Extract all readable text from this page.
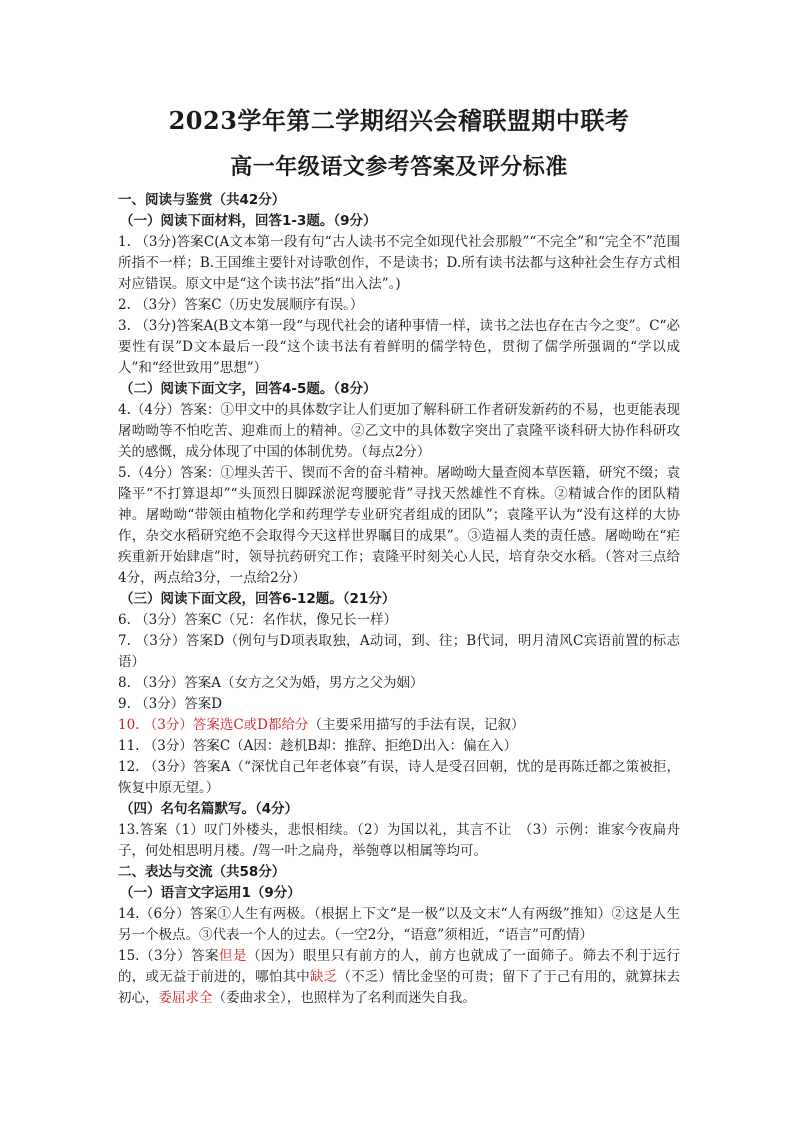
2023学年第二学期绍兴会稽联盟期中联考
高一年级语文参考答案及评分标准
一、阅读与鉴赏（共42分）
（一）阅读下面材料，回答1-3题。（9分）
1. （3分)答案C(A文本第一段有句“古人读书不完全如现代社会那般”“不完全”和“完全不”范围所指不一样；B.王国维主要针对诗歌创作，不是读书；D.所有读书法都与这种社会生存方式相对应错误。原文中是“这个读书法”指“出入法”。)
2. （3分）答案C（历史发展顺序有误。）
3. （3分)答案A(B文本第一段“与现代社会的诸种事情一样，读书之法也存在古今之变”。C“必要性有误”D文本最后一段“这个读书法有着鲜明的儒学特色，贯彻了儒学所强调的“学以成人”和“经世致用”思想”）
（二）阅读下面文字，回答4-5题。（8分）
4.（4分）答案：①甲文中的具体数字让人们更加了解科研工作者研发新药的不易，也更能表现屠呦呦等不怕吃苦、迎难而上的精神。②乙文中的具体数字突出了袁隆平谈科研大协作科研攻关的感慨，成分体现了中国的体制优势。（每点2分）
5.（4分）答案：①埋头苦干、锲而不舍的奋斗精神。屠呦呦大量查阅本草医籍，研究不缀；袁隆平“不打算退却”“头顶烈日脚踩淤泥弯腰驼背”寻找天然雄性不育株。②精诚合作的团队精神。屠呦呦“带领由植物化学和药理学专业研究者组成的团队”；袁隆平认为“没有这样的大协作，杂交水稻研究绝不会取得今天这样世界瞩目的成果”。③造福人类的责任感。屠呦呦在“疟疾重新开始肆虐”时，领导抗药研究工作；袁隆平时刻关心人民，培育杂交水稻。（答对三点给4分，两点给3分，一点给2分）
（三）阅读下面文段，回答6-12题。（21分）
6. （3分）答案C（兄：名作状，像兄长一样）
7. （3分）答案D（例句与D项表取独，A动词，到、往；B代词，明月清风C宾语前置的标志语）
8. （3分）答案A（女方之父为婚，男方之父为姻）
9. （3分）答案D
10. （3分）答案选C或D都给分（主要采用描写的手法有误，记叙）
11. （3分）答案C（A因：趁机B却：推辞、拒绝D出入：偏在入）
12. （3分）答案A（“深忧自己年老体衰”有误，诗人是受召回朝，忧的是再陈迁都之策被拒，恢复中原无望。）
（四）名句名篇默写。（4分）
13.答案（1）叹门外楼头，悲恨相续。（2）为国以礼，其言不让　（3）示例：谁家今夜扁舟子，何处相思明月楼。/驾一叶之扁舟，举匏尊以相属等均可。
二、表达与交流（共58分）
（一）语言文字运用1（9分）
14.（6分）答案①人生有两极。（根据上下文“是一极”以及文末“人有两级”推知）②这是人生另一个极点。③代表一个人的过去。（一空2分，“语意”须相近，“语言”可酌情）
15.（3分）答案但是（因为）眼里只有前方的人，前方也就成了一面筛子。筛去不利于远行的，或无益于前进的，哪怕其中缺乏（不乏）情比金坚的可贵；留下了于己有用的，就算抹去初心，委屈求全（委曲求全），也照样为了名利而迷失自我。
